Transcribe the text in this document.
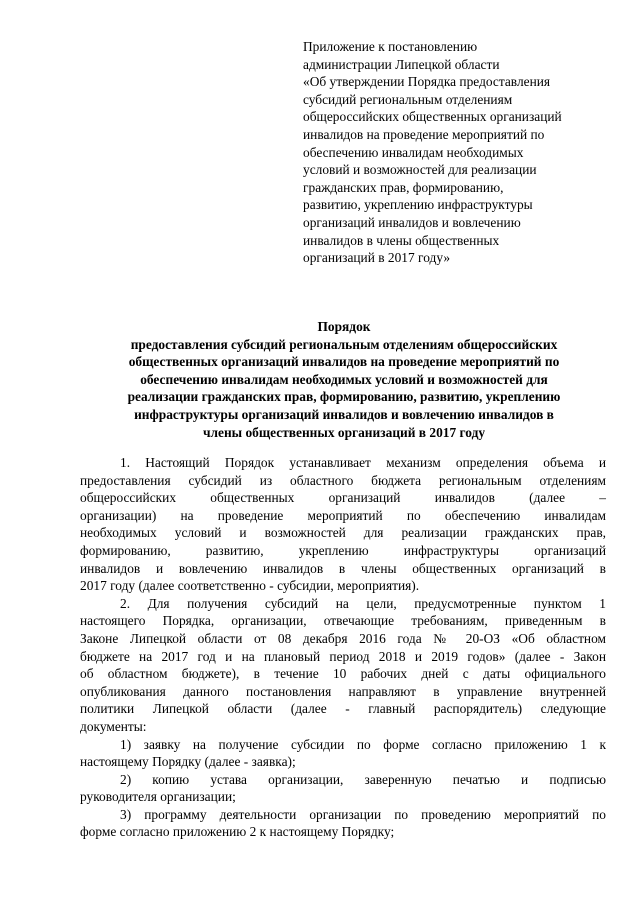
Приложение к постановлению
администрации Липецкой области
«Об утверждении Порядка предоставления
субсидий региональным отделениям
общероссийских общественных организаций
инвалидов на проведение мероприятий по
обеспечению инвалидам необходимых
условий и возможностей для реализации
гражданских прав, формированию,
развитию, укреплению инфраструктуры
организаций инвалидов и вовлечению
инвалидов в члены общественных
организаций в 2017 году»
Порядок
предоставления субсидий региональным отделениям общероссийских
общественных организаций инвалидов на проведение мероприятий по
обеспечению инвалидам необходимых условий и возможностей для
реализации гражданских прав, формированию, развитию, укреплению
инфраструктуры организаций инвалидов и вовлечению инвалидов в
члены общественных организаций в 2017 году
1. Настоящий Порядок устанавливает механизм определения объема и
предоставления субсидий из областного бюджета региональным отделениям
общероссийских общественных организаций инвалидов (далее –
организации) на проведение мероприятий по обеспечению инвалидам
необходимых условий и возможностей для реализации гражданских прав,
формированию, развитию, укреплению инфраструктуры организаций
инвалидов и вовлечению инвалидов в члены общественных организаций в
2017 году (далее соответственно - субсидии, мероприятия).
2. Для получения субсидий на цели, предусмотренные пунктом 1
настоящего Порядка, организации, отвечающие требованиям, приведенным в
Законе Липецкой области от 08 декабря 2016 года № 20-ОЗ «Об областном
бюджете на 2017 год и на плановый период 2018 и 2019 годов» (далее - Закон
об областном бюджете), в течение 10 рабочих дней с даты официального
опубликования данного постановления направляют в управление внутренней
политики Липецкой области (далее - главный распорядитель) следующие
документы:
1) заявку на получение субсидии по форме согласно приложению 1 к
настоящему Порядку (далее - заявка);
2) копию устава организации, заверенную печатью и подписью
руководителя организации;
3) программу деятельности организации по проведению мероприятий по
форме согласно приложению 2 к настоящему Порядку;
